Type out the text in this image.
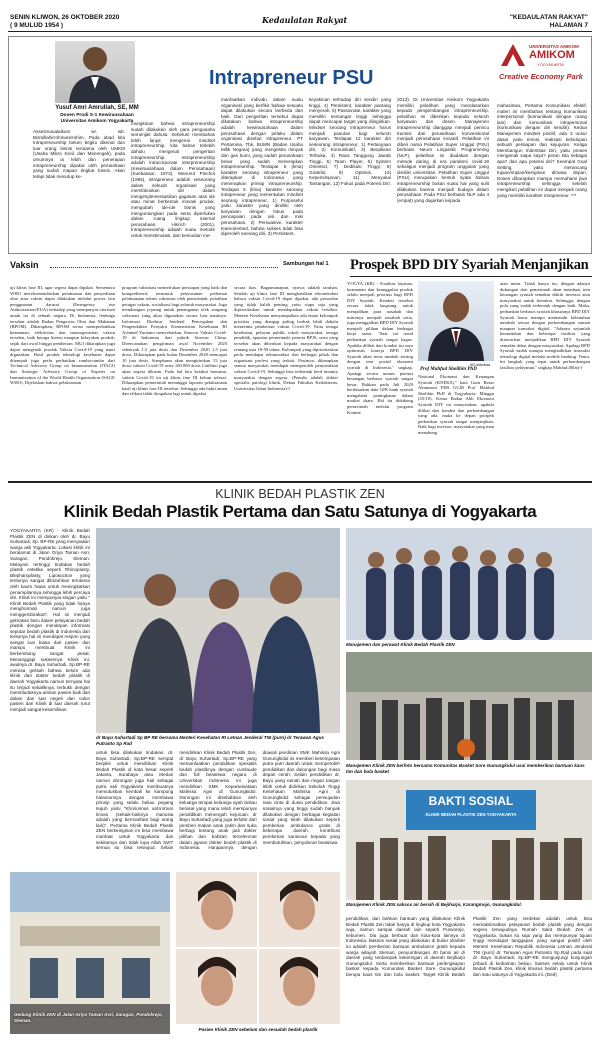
SENIN KLIWON, 26 OKTOBER 2020
( 9 MULUD 1954 )
Kedaulatan Rakyat	"KEDAULATAN RAKYAT"
HALAMAN 7
Intrapreneur PSU
UNIVERSITAS AMIKOM
AMIKOM
YOGYAKARTA
Creative Economy Park
Yusuf Amri Amrullah, SE, MM
Dosen Prodi S-1 Kewirausahaan
Universitas Amikom Yogyakarta
Assesmaualaikum wr. wb. Bismillahirrohmanirrohim. Pada abad kita Intrapreneurship belum begitu dikenal dan luar orang bisnis terutama oleh UMKM (Usaha Mikro Kecil dan Menengah), pada umumnya ia lebih dan penerapan intrapreneurship dipakai oleh perusahaan yang sudah mapan tingkat bisnis. Akan tetapi tidak menutup ke-
mungkinan bahwa intrapreneurship sudah dilakukan oleh para pengusaha semenjak dahulu. Sebelum membahas lebih lanjut mengenai mindset intrapreneurship, kita bahas terlebih dahulu mengenai pengertian intrapreneurship. Intrapreneurship adalah intracorporate interpreneurship (Kewirausahaan dalam Perusahaan) (Suebasaur, 1973). Menurut Pinchot (1985), intrapreneur adalah seseorang dalam sebuah organisasi yang memfokuskan diri dalam mengimplementasikan gagasan atas ide atau minat berbentuk inovasi produk, mengubah ide-ide bisnis yang menguntungkan pada serta diperlukan dalam ruang lingkup internal perusahaan. Hisrich (2001), Intrapreneurship adalah suatu metode untuk menstimulasi, dan kemudian me-
manfaatkan individu dalam suatu organisasi yang berfikir bahwa sesuatu dapat dilakukan secara berbeda dan baik. Dari pengertian tersebut dapat dikatakan bahwa intrapreneurship adalah kewirausahaan dalam perusahaan dengan pelaku dalam organisasi disebut intrapreneur. PT Pertamina, Tbk, BUMN (Badan Usaha Milik Negara) yang mengelola minyak dan gas bumi, yang sudah perusahaan besar yang sudah menerapkan intrapreneurship. Terdapat 5 (lima) karakter seorang intrapreneur yang diterapkan di Indonesia yang menerapkan prinsip intrapreneurship. Terdapat 5 (lima) karakter seorang intrapreneur yang menentukan mindset seorang intrapreneur, 1) Purposeful yaitu karakter yang dimiliki oleh karyawan dengan fokus pada pencapaian pada visi dan misi perusahaan, 2) Persuasive, karakter teamoriented, bahwa sukses tidak bisa diperoleh seorang diri, 3) Persistent,
keyakinan terhadap diri sendiri yang tinggi, 4) Persistent, karakter pantang menyerah, 5) Passionate, karakter yang memiliki semangat tinggi sehingga dapat mencapai target yang diinginkan. Mindset seorang intrapreneur harus menjadi panutan bagi seluruh karyawan. Terdapat 12 karakter diri seseorang intrapreneur, 1) Pertanyaan diri, 2) Komunikatif, 3) Berpikiran Terbuka, 4) Rasa Tanggung Jawab Tinggi, 5) Team Player, 6) System Oriented, 7) Dedikasi Tinggi, 8) Grateful, 9) Optimis, 10) Kepemimpinan, 11) Menyukai Tantangan, 12) Fokus pada Potensi Diri.
2013). Di Universitas Amikom Yogyakarta memiliki pelatihan yang mendasarkan kepada pengembangan intrapreneurship, pelatihan ini diberikan kepada seluruh karyawan dan dosen. Manajemen intrapreneurship dianggap menjadi pemicu transisi dari perusahaan konvensional menjadi perusahaan inovatif. Pelatihan ini diberi nama Pelatihan Super Unggul (PSU) berbasis Neuro Linguistic Programming (NLP), pelatihan ini diadakan dengan metode daring di era pandemi covid-19 sekaligus menjadi program unggulan yang dimiliki universitas. Pelatihan Super Unggul (PSU) merupakan bentuk nyata bahwa intrapreneurship bukan suatu hal yang sulit dilakukan karena menjadi budaya dalam perusahaan. Pada PSU berbasis NLP ada 4 (empat) yang diajarkan kepada
mahasiswa, Pertama Komunikasi efektif, materi ini membahas tentang komunikasi interpersonal (komunikasi dengan orang lain) dan komunikasi intrapersonal (komunikasi dengan diri sendiri). Kedua Manajemen mindset positif, ada 3 unsur dasar yaitu emosi, realisasi kehidupan sebuah persiapan dan kejujuran. Ketiga Membangun Indentitas Diri, yaitu proses mengenali siapa saya? peran kita sebagai apa? dan apa potensi diri? Keempat Goal Setting, yaitu merancang tujuan/impian/keinginan dimasa depan. Dosen diharapkan mampu memahami jiwa intrapreneurship sehingga setelah mengikuti pelatihan ini dapat menjadi orang yang memiliki karakter intrapreneur. ***
Vaksin	Sambungan hal 1 Prospek BPD DIY Syariah Menjanjikan
uji klinis fase III, agar segera dapat dipakai. Sementara WHO merekomendasikan pembuatan dan penyediaan obat atau vaksin dapat dilakukan melalui proses izin penggunaan darurat (Emergency use Authorization/EUA) terhadap yang mempunyai otorisasi untuk itu di sebuah negara. Di Indonesia, lembaga tersebut adalah Badan Pengawas Obat dan Makanan (BPOM). Diharapkan, BPOM serius memperhatikan keamanan, efektivitas dan imunogenisitas vaksin tersebut, baik berupa lisensi maupun kelayakan produk, sejak dari awal hingga pemberian. MUI diharapkan juga dapat mengenali produk Vaksin Covid-19 yang nanti digunakan. Hasil produk teknologi kesehatan dapat ditempuh juga perlu perhatikan rambu-rambu dari Technical Advisory Group on Immunization (ITAGI) dan Strategic Advisory Group of Experts on Immunization of the World Health Organization (SAGE WHO). Dijelaskan bahwa pelaksanaan
program vaksinasi memerlukan persiapan yang baik dan komprehensif, termasuk penyusunan pedoman pelaksanaan teknis vaksinasi oleh pemerintah, pelatihan petugas vaksin, sosialisasi bagi seluruh masyarakat. Juga membangun jejaring untuk penanganan efek simpang vaksinasi yang akan digunakan secara luas nantinya. Informasi Direktur Jenderal Pencegahan dan Pengendalian Penyakit Kementerian Kesehatan RI Achmad Yurianto menyebutkan, Sinovac Vaksin Covid-19 di Indonesia dari pabrik Sinovac China. Direncanakan pengiriman awal November 2020 sebanyak 1,5 juta dosis dan Desember 2020 1,5 juta dosis. Diharapkan pada bulan Desember 2020 mencapai 10 juta dosis. Sinopharm akan mengirimkan 15 juta dosis vaksin Covid-19 serta 100.000 dosis CanSino juga akan segera dikirim. Pada hal kita ketahui bersama, vaksin Covid-19 itu uji klinis fase III belum selesai. Diharapkan pemerintah menunggu laporan pelaksanaan hasil uji klinis fase III tersebut. Sehingga ada bukti aman dan efikasi tidak diragukan lagi untuk dipakai
secara luas. Bagaimanapun, nyawa adalah taruhan. Setelah uji klinis fase III menghasilkan rekomendasi bahwa vaksin Covid-19 dapat dipakai, ada persoalan yang tidak kalah penting yaitu siapa saja yang diprioritaskan untuk mendapatkan vaksin tersebut. Menteri Kesehatan menyampaikan ada enam kelompok prioritas yang diangap paling berhak lebih dahulu menerima pemberian vaksin Covid-19. Yaitu tenaga kesehatan, pelayan publik, tokoh masyarakat, tenaga pendidik, aparatur pemerintah, peserta BPJS, serta yang tersebar akan diberikan kepada masyarakat dengan rentang usia 18-59 tahun. Kelompok yang diprioritaskan perlu mendapat rekomendasi dari berbagai pihak dan organisasi profesi yang terkait. Pastinya, diharapkan semua masyarakat mendapat memperoleh penyuntikan vaksin Covid-19. Sehingga bisa terbentuk herd imunity masyarakat dengan segera. (Penulis adalah dokter spesialis patologi klinik, Dekan Fakultas Kedokteran, Universitas Islam Indonesia)-f
YOGYA (KR) - Kualitas layanan, keamanan dan keunggulan produk selalu menjadi prioritas bagi BPD DIY Syariah. Kendati tersebut secara tidak langsung untuk menjadikan para nasabah dan mitranya menjadi nasabah setia, juga menggalkan BPD DIY Syariah menjadi pilihan dalam berbagai kerja sama. "Saat ini trend perbankan syariah sangat bagus. Apabila dilihat dari kondisi itu saya optimistis kinerja BPD DIY Syariah akan terus tumbuh seiring dengan tren positif ekonomi syariah di Indonesia," ungkap. Apalagi secara umum potensi keuangan berbasis syariah sangat besar. Bahkan pada Juli 2020 berdasarkan data OJK bank syariah mengalami peningkatan dalam market share. Hal itu didukung pemerintah melalui program Komite
KR-istimewa
Prof Mahfud Sholihin PhD
Nasional Ekonomi dan Keuangan Syariah (KNEKS)," kata Guru Besar Akuntansi FEB UGM Prof Mahfud Sholihin PhD di Yogyakarta, Minggu (25/10). Ketua Badan Ahli Ekonomi Syariah DIY itu menyatakan, apabila dilihat dari kondisi dan perkembangan yang ada, maka ke depan prospek perbankan syariah sangat menjanjikan. Baik bagi investor, masyarakat yang mau menabung
atau mitra. Tidak hanya itu, dengan adanya dukungan dari pemerintah akan membuat tren keuangan syariah semakin dilirik investor atau masyarakat untuk bermitra. Sehingga, dengan pola yang sudah terbentuk dengan baik. Maka, perbankan berbasis syariah khususnya BPD DIY Syariah harus mampu memenuhi kebutuhan nasabah sesuai dengan perkembangan zaman maupun transaksi digital. "Adanya sejumlah kemudahan dan beberapa fasilitas yang ditawarkan menjadikan BPD DIY Syariah semakin dekat dengan masyarakat. Apalagi BPD Syariah sudah mampu menghadirkan transaksi teknologi digital melalui mobile banking. Tentu, ini langkah yang tepat untuk perkembangan fasilitas pelayanan," ungkap Mahfud.(Rlat)-f
KLINIK BEDAH PLASTIK ZEN
Klinik Bedah Plastik Pertama dan Satu Satunya di Yogyakarta
YOGYAKARTA (KR) - Klinik Bedah Plastik ZEN di dirikan oleh dr. Bayu Suhartadi, Sp. BP-RE yang merupakan warga asli Yogyakarta. Lokasi klinik ini beralamat di Jalan Griya Taman Asri, Saragan, Pondokrejo, Sleman. Melayani tertinggi tindakan bedah plastik estetika seperti Rhinoplasty, Blepharoplasty, Liposuction yang tentunya sangat dibutuhkan terutama oleh kaum hawa untuk meningkatkan penampilannya sehingga lebih percaya diri. Klinik ini mempunyai slogan yaitu " Klinik Bedah Plastik yang tidak hanya menghormati namun juga menggembirakan". Hal ini menjadi gebrakan baru dalam pelayanan bedah plastik dengan mendepan informasi seputar bedah plastik di Indonesia dan tentunya hal ini mendapat respon yang sangat luar biasa dari pasien dan mampu membuat Klinik ini berkembang sangat pesat. Menanggapi suksesnya Klinik ini, awalnya dr. Bayu Suhartadi, Sp.BP-RE merasa gelisah bahwa belum ada klinik dari dokter bedah plastik di daerah Yogyakarta namun ternyata hal itu terjadi sebaliknya, terbukti dengan membludaknya antrian pasien baik dari dalam dan luar negeri dan calon pasien dari Klinik di luar daerah turut menjadi sangat kesemilisan.
dr Bayu Suhartadi Sp BP RE bersama Menteri Kesehatan RI Letnan Jenderal TNI (purn) dr Terawan Agus Putranto Sp Rad
untuk bisa dilakukan tindakan. dr. Bayu Suhartadi, Sp.BP-RE sempat berpikir untuk mendirikan Klinik Bedah Plastik di kota besar seperti Jakarta, Surabaya atau Medan namun dorongan juga hati sebagai putra asli Yogyakarta membuatnya memutuskan kembali ke kampung halamannya dengan membawa prinsip yang selalu beliau pegang teguh yaitu "Khoirunnas anfa'uhum linnas (sebaik-baiknya manusia adalah yang bermanfaat bagi orang lain)". Pertama Klinik Bedah Plastik ZEN berkeinginan ini bisa membawa manfaat untuk Yogyakarta dan sekitarnya dan tidak lupa Allah SWT semua itu bisa terwujud. Selain mendirikan Klinik Bedah Plastik Zen, dr Bayu Suhartadi, Sp.BP-RE yang memanfaatkan pendidikan spesialis bedah plastiknya dengan cumlaude dan full beasiswa negara di Universitas Indonesia ini juga mendirikan SMK Kepariwisataan Mahissa Agni di Gunungkidul. Dorongan ini disebabkan oleh keluarga tempat keluarga ayah beliau berasal yang mana telah mempunyai pendidikan menengah kejuruan. dr Bayu Suhartadi yang juga terlahir dari pemberi makan anak yatim dan suka berbagi tentang anak jadi dokter pilihan dan bahkan tercelenmat dalam jajaran dokter bedah plastik di Indonesia. Harapannya dengan diawali pendirian SMK Mahissa Agni Gunungkidul ini memberi kesempatan putra putri daerah untuk memperoleh pendidikan dan dukungan bagi masa depan cerah. Selain pendidikan dr. Bayu yang ramah dan ringan tangan lebih untuk didirikan Sekolah Tinggi Kesehatan Mahissa Agni di Gunungkidul sebagai perwujudan rasa cinta di dunia pendidikan. Jiwa sosialnya yang tinggi sudah banyak dilakukan dengan berbagai kegiatan sosial yang telah dilakukan seperti pemberian ambulance gratis di beberapa daerah, kontribusi pemberian santunan kepada yang membutuhkan, penyaluran beasiswa
Manajemen dan perawat Klinik Bedah Plastik ZEN
Manajemen Klinik ZEN berfoto bersama Komunitas Basket Sore Gunungkidul usai memberikan bantuan kaos tim dan bola basket
BAKTI SOSIAL
KLINIK BEDAH PLASTIK ZEN YOGYAKARTA
Manajemen Klinik ZEN saksos air bersih di Bejiharjo, Karangmojo, Gunungkidul.
pendidikan, dan bahkan bantuan yang dilakukan Klinik Bedah Plastik Zen tidak hanya di lingkup kota Yogyakarta saja, namun sampai daerah lain seperti Purworejo, kebumen. Dia juga berbuat dan kota-kota lainnya di Indonesia. Baksos sosial yang dilakukan di bulan oktober ini adalah pemberian bantuan ambulance gratis kepada warga wilayah Sleman, penyumbangan 40 bansi air di daerah yang terdampak kekeringan di daerah Bejiharjo Gunungkidul. Serta memberikan bantuan perlengkapan basket kepada Komunitas Basket Sore Gunungkidul berupa kaos tim dan bola basket. Target Klinik Bedah Plastik Zen yang terdekat adalah untuk bisa memaksimalkan pelayanan bedah plastik yang dengan segera terwujudnya Rumah Sakit Bedah Zen di Yogyakarta, bukan itu saja yang dia mempunyai tujuan tinggi mendapat tanggapan yang sangat positif oleh Menteri Kesehatan Republik Indonesia Letnan Jenderal TNI (purn) dr. Terawan Agus Putranto Sp.Rad pada saat dr. Bayu Suhartadi, Sp.BP-RE mengunjungi kunjungan pribadi di kediaman beliau. Sukses selalu untuk Klinik Bedah Plastik Zen, klinik khusus bedah plastik pertama dan satu satunya di Yogyakarta ini. (Ded)
Gedung Klinik ZEN di Jalan Griya Taman Asri, Saragan, Pondokrejo, Sleman.
Pasien Klinik ZEN sebelum dan sesudah bedah plastik
